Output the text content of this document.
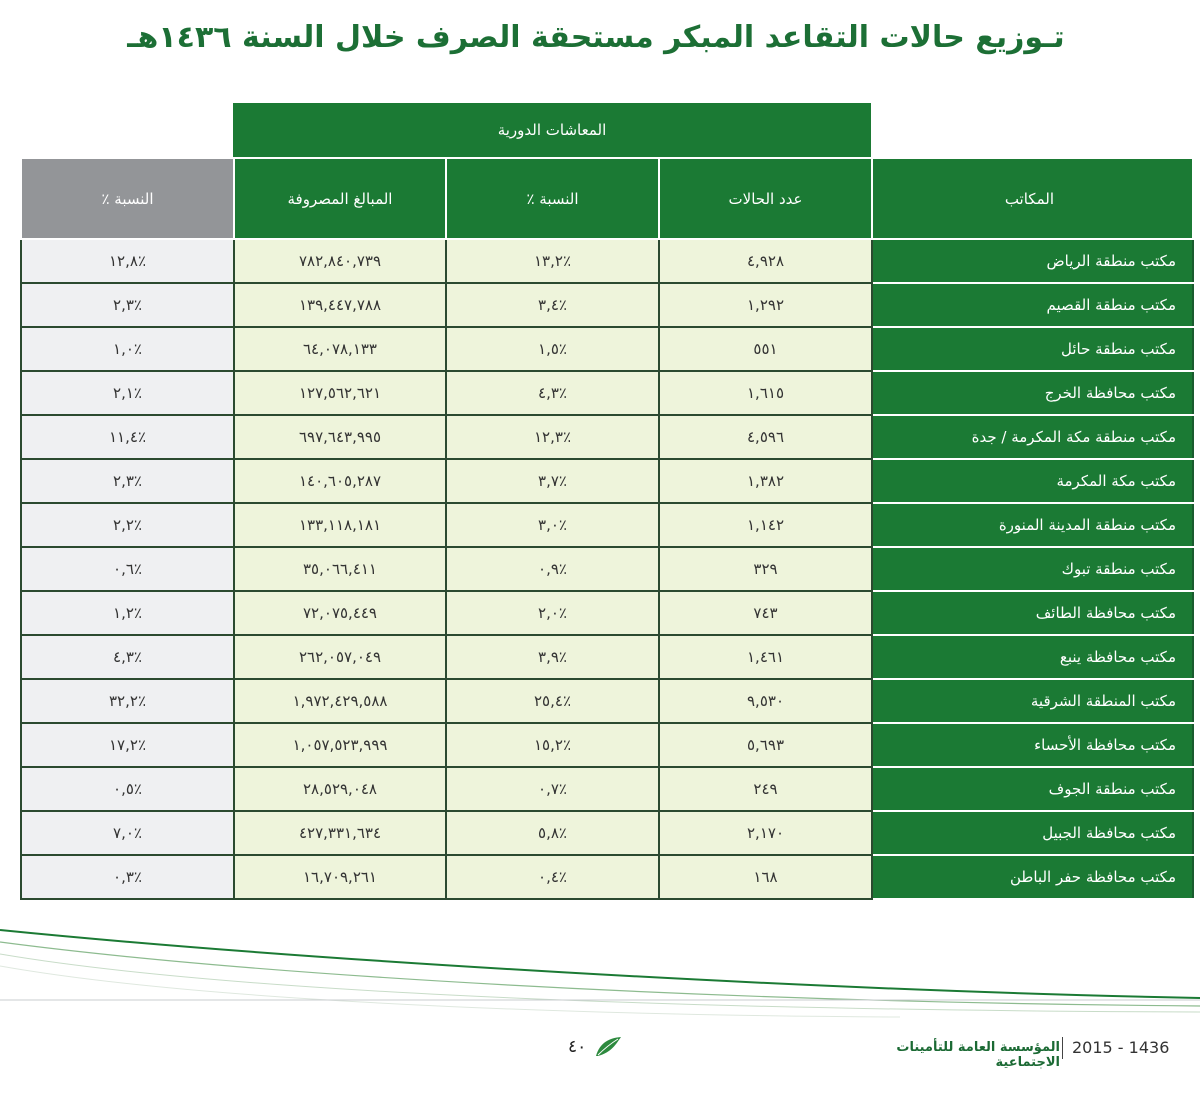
تـوزيع حالات التقاعد المبكر مستحقة الصرف خلال السنة ١٤٣٦هـ
المعاشات الدورية
النسبة ٪	المبالغ المصروفة	النسبة ٪	عدد الحالات	المكاتب
٪١٢,٨	٧٨٢,٨٤٠,٧٣٩	٪١٣,٢	٤,٩٢٨	مكتب منطقة الرياض
٪٢,٣	١٣٩,٤٤٧,٧٨٨	٪٣,٤	١,٢٩٢	مكتب منطقة القصيم
٪١,٠	٦٤,٠٧٨,١٣٣	٪١,٥	٥٥١	مكتب منطقة حائل
٪٢,١	١٢٧,٥٦٢,٦٢١	٪٤,٣	١,٦١٥	مكتب محافظة الخرج
٪١١,٤	٦٩٧,٦٤٣,٩٩٥	٪١٢,٣	٤,٥٩٦	مكتب منطقة مكة المكرمة / جدة
٪٢,٣	١٤٠,٦٠٥,٢٨٧	٪٣,٧	١,٣٨٢	مكتب مكة المكرمة
٪٢,٢	١٣٣,١١٨,١٨١	٪٣,٠	١,١٤٢	مكتب منطقة المدينة المنورة
٪٠,٦	٣٥,٠٦٦,٤١١	٪٠,٩	٣٢٩	مكتب منطقة تبوك
٪١,٢	٧٢,٠٧٥,٤٤٩	٪٢,٠	٧٤٣	مكتب محافظة الطائف
٪٤,٣	٢٦٢,٠٥٧,٠٤٩	٪٣,٩	١,٤٦١	مكتب محافظة ينبع
٪٣٢,٢	١,٩٧٢,٤٢٩,٥٨٨	٪٢٥,٤	٩,٥٣٠	مكتب المنطقة الشرقية
٪١٧,٢	١,٠٥٧,٥٢٣,٩٩٩	٪١٥,٢	٥,٦٩٣	مكتب محافظة الأحساء
٪٠,٥	٢٨,٥٢٩,٠٤٨	٪٠,٧	٢٤٩	مكتب منطقة الجوف
٪٧,٠	٤٢٧,٣٣١,٦٣٤	٪٥,٨	٢,١٧٠	مكتب محافظة الجبيل
٪٠,٣	١٦,٧٠٩,٢٦١	٪٠,٤	١٦٨	مكتب محافظة حفر الباطن
2015 - 1436
المؤسسة العامة للتأمينات الاجتماعية
٤٠
